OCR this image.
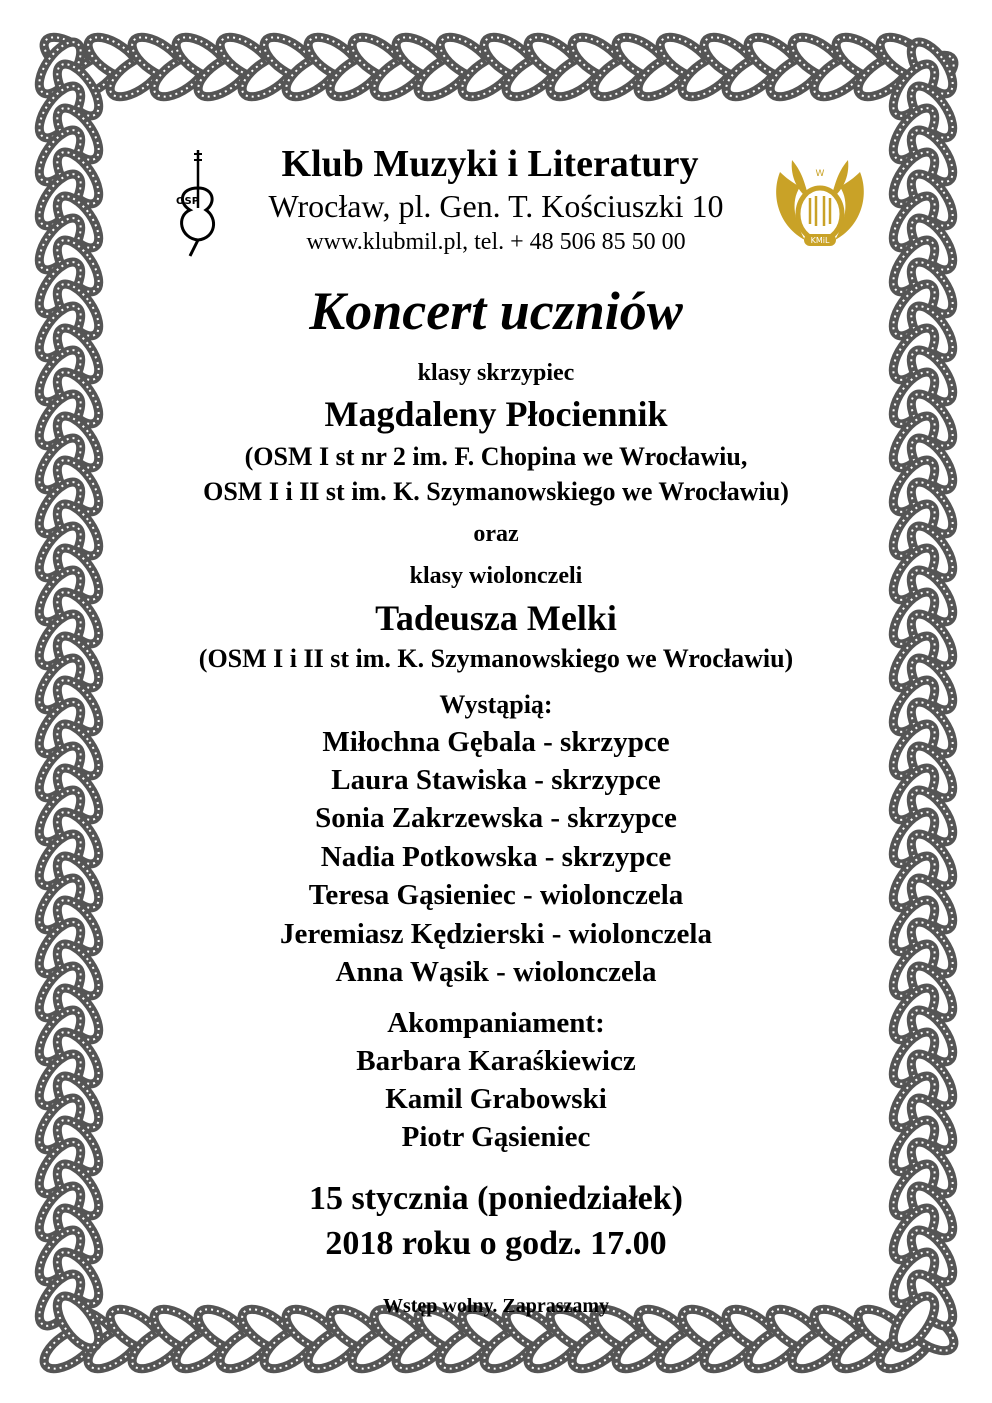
OSP
KMiL
W
Klub Muzyki i Literatury
Wrocław, pl. Gen. T. Kościuszki 10
www.klubmil.pl, tel. + 48 506 85 50 00
Koncert uczniów
klasy skrzypiec
Magdaleny Płociennik
(OSM I st nr 2 im. F. Chopina we Wrocławiu,
OSM I i II st im. K. Szymanowskiego we Wrocławiu)
oraz
klasy wiolonczeli
Tadeusza Melki
(OSM I i II st im. K. Szymanowskiego we Wrocławiu)
Wystąpią:
Miłochna Gębala - skrzypce
Laura Stawiska - skrzypce
Sonia Zakrzewska - skrzypce
Nadia Potkowska - skrzypce
Teresa Gąsieniec - wiolonczela
Jeremiasz Kędzierski - wiolonczela
Anna Wąsik - wiolonczela
Akompaniament:
Barbara Karaśkiewicz
Kamil Grabowski
Piotr Gąsieniec
15 stycznia (poniedziałek)
2018 roku o godz. 17.00
Wstęp wolny. Zapraszamy
